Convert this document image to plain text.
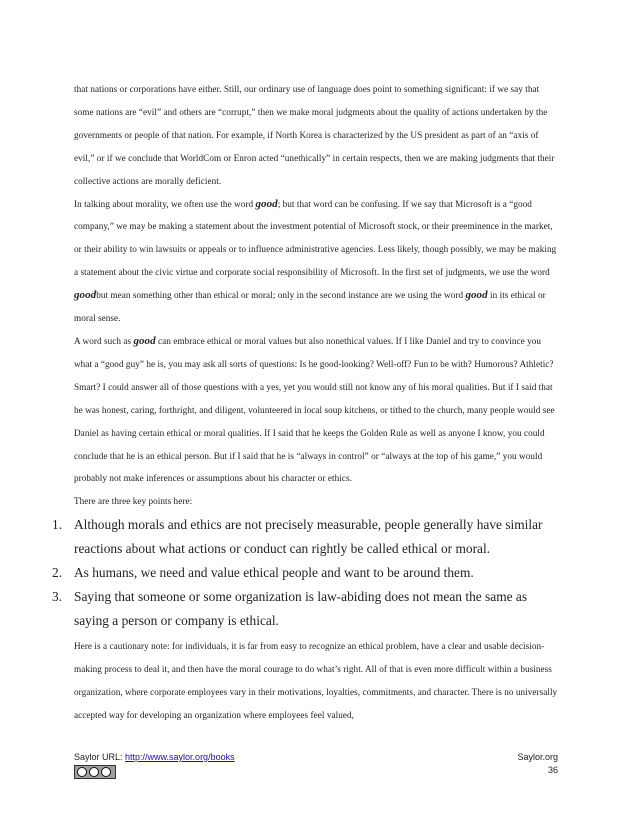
that nations or corporations have either. Still, our ordinary use of language does point to something significant: if we say that some nations are “evil” and others are “corrupt,” then we make moral judgments about the quality of actions undertaken by the governments or people of that nation. For example, if North Korea is characterized by the US president as part of an “axis of evil,” or if we conclude that WorldCom or Enron acted “unethically” in certain respects, then we are making judgments that their collective actions are morally deficient.

In talking about morality, we often use the word good; but that word can be confusing. If we say that Microsoft is a “good company,” we may be making a statement about the investment potential of Microsoft stock, or their preeminence in the market, or their ability to win lawsuits or appeals or to influence administrative agencies. Less likely, though possibly, we may be making a statement about the civic virtue and corporate social responsibility of Microsoft. In the first set of judgments, we use the word goodbut mean something other than ethical or moral; only in the second instance are we using the word good in its ethical or moral sense.

A word such as good can embrace ethical or moral values but also nonethical values. If I like Daniel and try to convince you what a “good guy” he is, you may ask all sorts of questions: Is he good-looking? Well-off? Fun to be with? Humorous? Athletic? Smart? I could answer all of those questions with a yes, yet you would still not know any of his moral qualities. But if I said that he was honest, caring, forthright, and diligent, volunteered in local soup kitchens, or tithed to the church, many people would see Daniel as having certain ethical or moral qualities. If I said that he keeps the Golden Rule as well as anyone I know, you could conclude that he is an ethical person. But if I said that he is “always in control” or “always at the top of his game,” you would probably not make inferences or assumptions about his character or ethics.

There are three key points here:

1. Although morals and ethics are not precisely measurable, people generally have similar reactions about what actions or conduct can rightly be called ethical or moral.
2. As humans, we need and value ethical people and want to be around them.
3. Saying that someone or some organization is law-abiding does not mean the same as saying a person or company is ethical.

Here is a cautionary note: for individuals, it is far from easy to recognize an ethical problem, have a clear and usable decision-making process to deal it, and then have the moral courage to do what’s right. All of that is even more difficult within a business organization, where corporate employees vary in their motivations, loyalties, commitments, and character. There is no universally accepted way for developing an organization where employees feel valued,

Saylor URL: http://www.saylor.org/books	Saylor.org
36
